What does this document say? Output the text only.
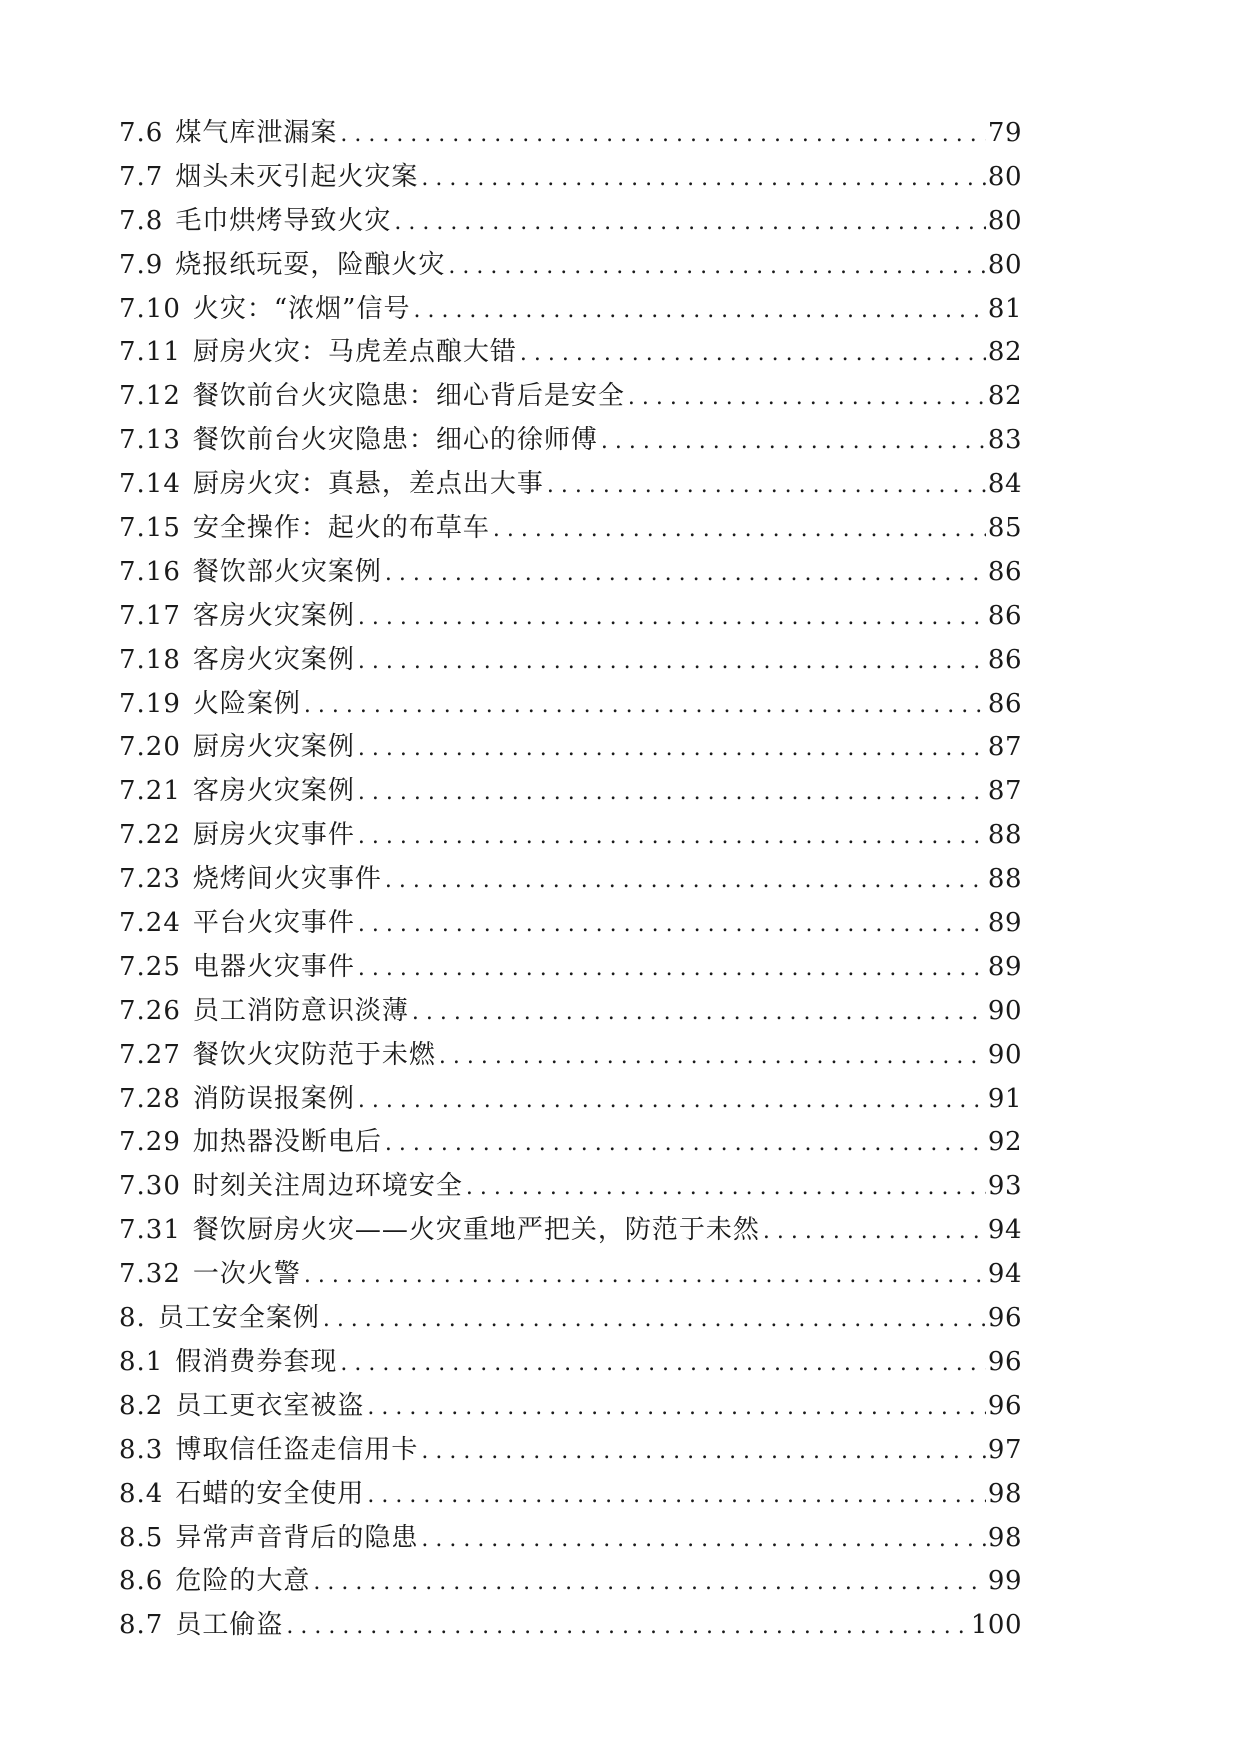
7.6 煤气库泄漏案 . . .	79
7.7 烟头未灭引起火灾案 . . .	80
7.8 毛巾烘烤导致火灾 . . .	80
7.9 烧报纸玩耍，险酿火灾 . . .	80
7.10 火灾：“浓烟”信号 . . .	81
7.11 厨房火灾：马虎差点酿大错 . . .	82
7.12 餐饮前台火灾隐患：细心背后是安全 . . .	82
7.13 餐饮前台火灾隐患：细心的徐师傅 . . .	83
7.14 厨房火灾：真悬，差点出大事 . . .	84
7.15 安全操作：起火的布草车 . . .	85
7.16 餐饮部火灾案例 . . .	86
7.17 客房火灾案例 . . .	86
7.18 客房火灾案例 . . .	86
7.19 火险案例 . . .	86
7.20 厨房火灾案例 . . .	87
7.21 客房火灾案例 . . .	87
7.22 厨房火灾事件 . . .	88
7.23 烧烤间火灾事件 . . .	88
7.24 平台火灾事件 . . .	89
7.25 电器火灾事件 . . .	89
7.26 员工消防意识淡薄 . . .	90
7.27 餐饮火灾防范于未燃 . . .	90
7.28 消防误报案例 . . .	91
7.29 加热器没断电后 . . .	92
7.30 时刻关注周边环境安全 . . .	93
7.31 餐饮厨房火灾——火灾重地严把关，防范于未然 . . .	94
7.32 一次火警 . . .	94
8. 员工安全案例 . . .	96
8.1 假消费券套现 . . .	96
8.2 员工更衣室被盗 . . .	96
8.3 博取信任盗走信用卡 . . .	97
8.4 石蜡的安全使用 . . .	98
8.5 异常声音背后的隐患 . . .	98
8.6 危险的大意 . . .	99
8.7 员工偷盗 . . .	100
